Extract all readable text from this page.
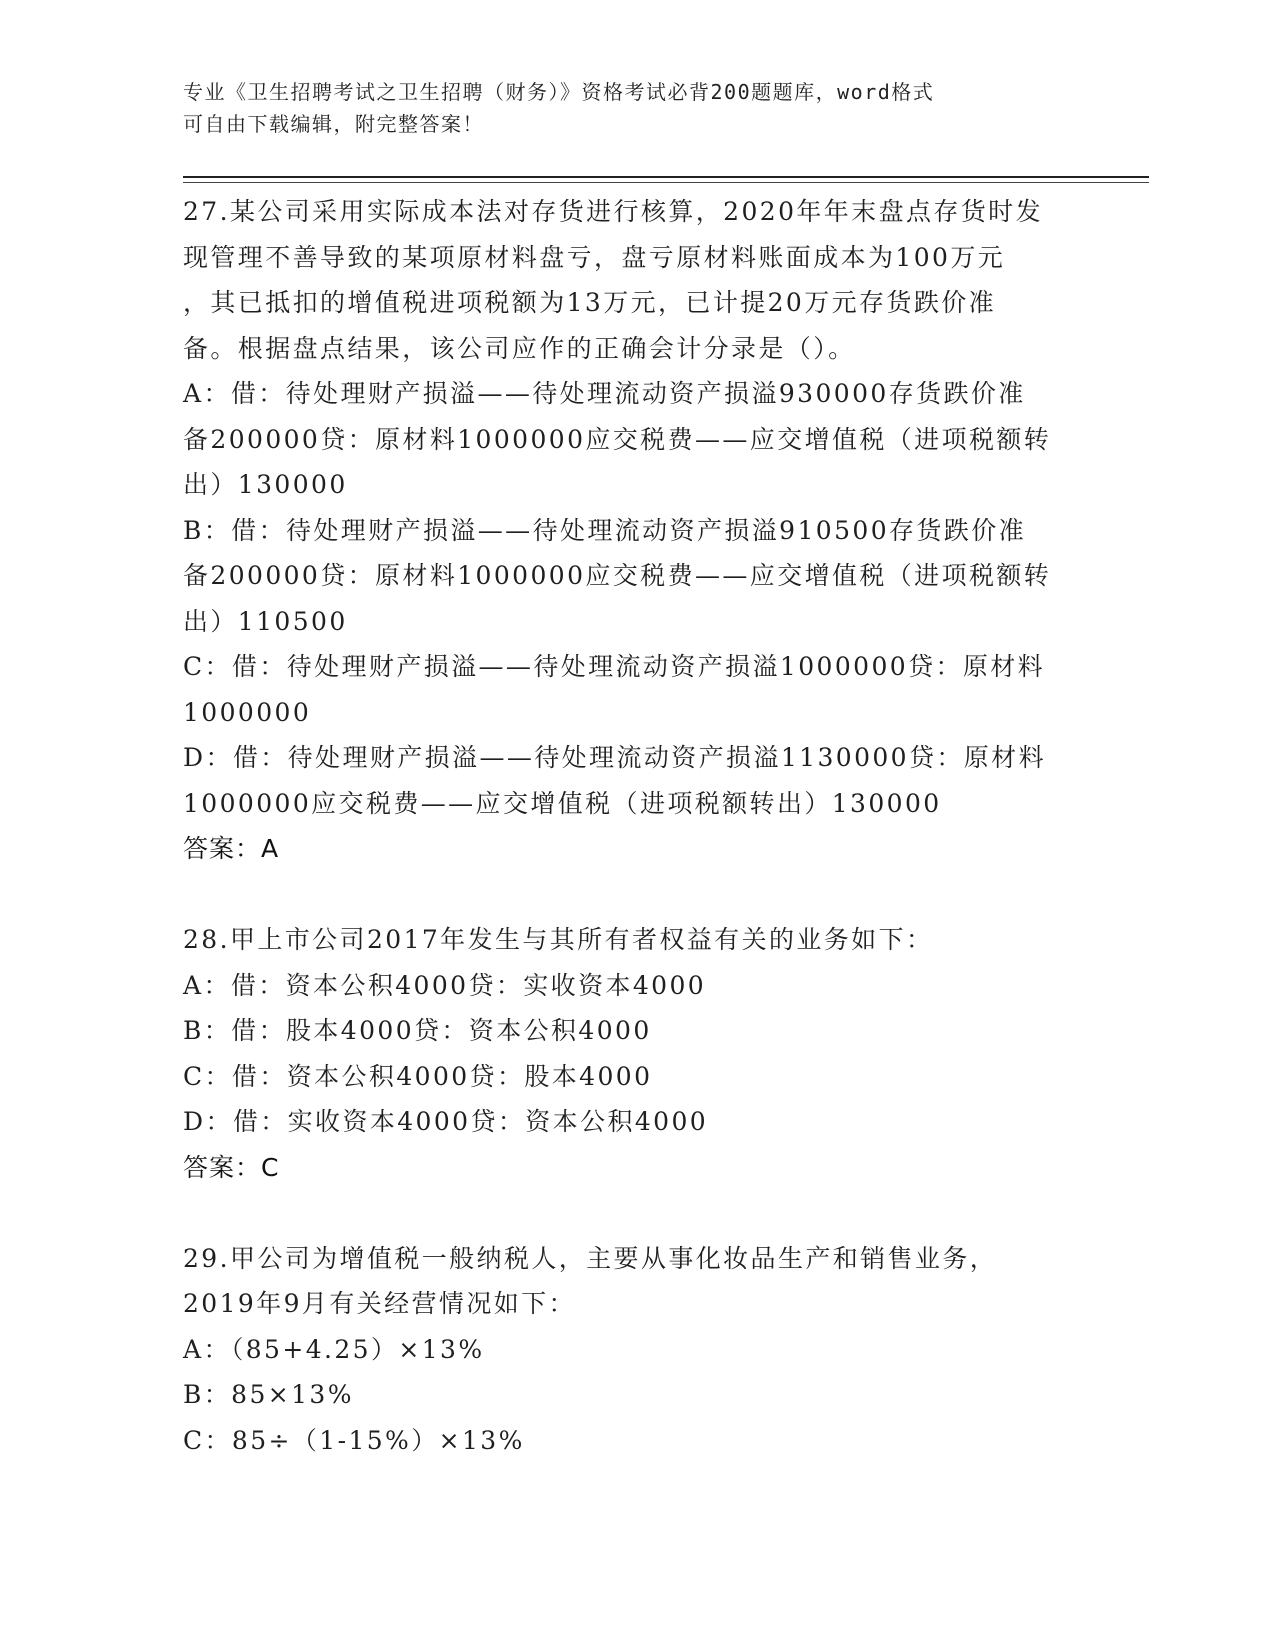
专业《卫生招聘考试之卫生招聘（财务）》资格考试必背200题题库，word格式
可自由下载编辑，附完整答案！
27.某公司采用实际成本法对存货进行核算，2020年年末盘点存货时发
现管理不善导致的某项原材料盘亏，盘亏原材料账面成本为100万元
，其已抵扣的增值税进项税额为13万元，已计提20万元存货跌价准
备。根据盘点结果，该公司应作的正确会计分录是（）。
A：借：待处理财产损溢——待处理流动资产损溢930000存货跌价准
备200000贷：原材料1000000应交税费——应交增值税（进项税额转
出）130000
B：借：待处理财产损溢——待处理流动资产损溢910500存货跌价准
备200000贷：原材料1000000应交税费——应交增值税（进项税额转
出）110500
C：借：待处理财产损溢——待处理流动资产损溢1000000贷：原材料
1000000
D：借：待处理财产损溢——待处理流动资产损溢1130000贷：原材料
1000000应交税费——应交增值税（进项税额转出）130000
答案：A
28.甲上市公司2017年发生与其所有者权益有关的业务如下：
A：借：资本公积4000贷：实收资本4000
B：借：股本4000贷：资本公积4000
C：借：资本公积4000贷：股本4000
D：借：实收资本4000贷：资本公积4000
答案：C
29.甲公司为增值税一般纳税人，主要从事化妆品生产和销售业务，
2019年9月有关经营情况如下：
A：（85+4.25）×13%
B：85×13%
C：85÷（1-15%）×13%
